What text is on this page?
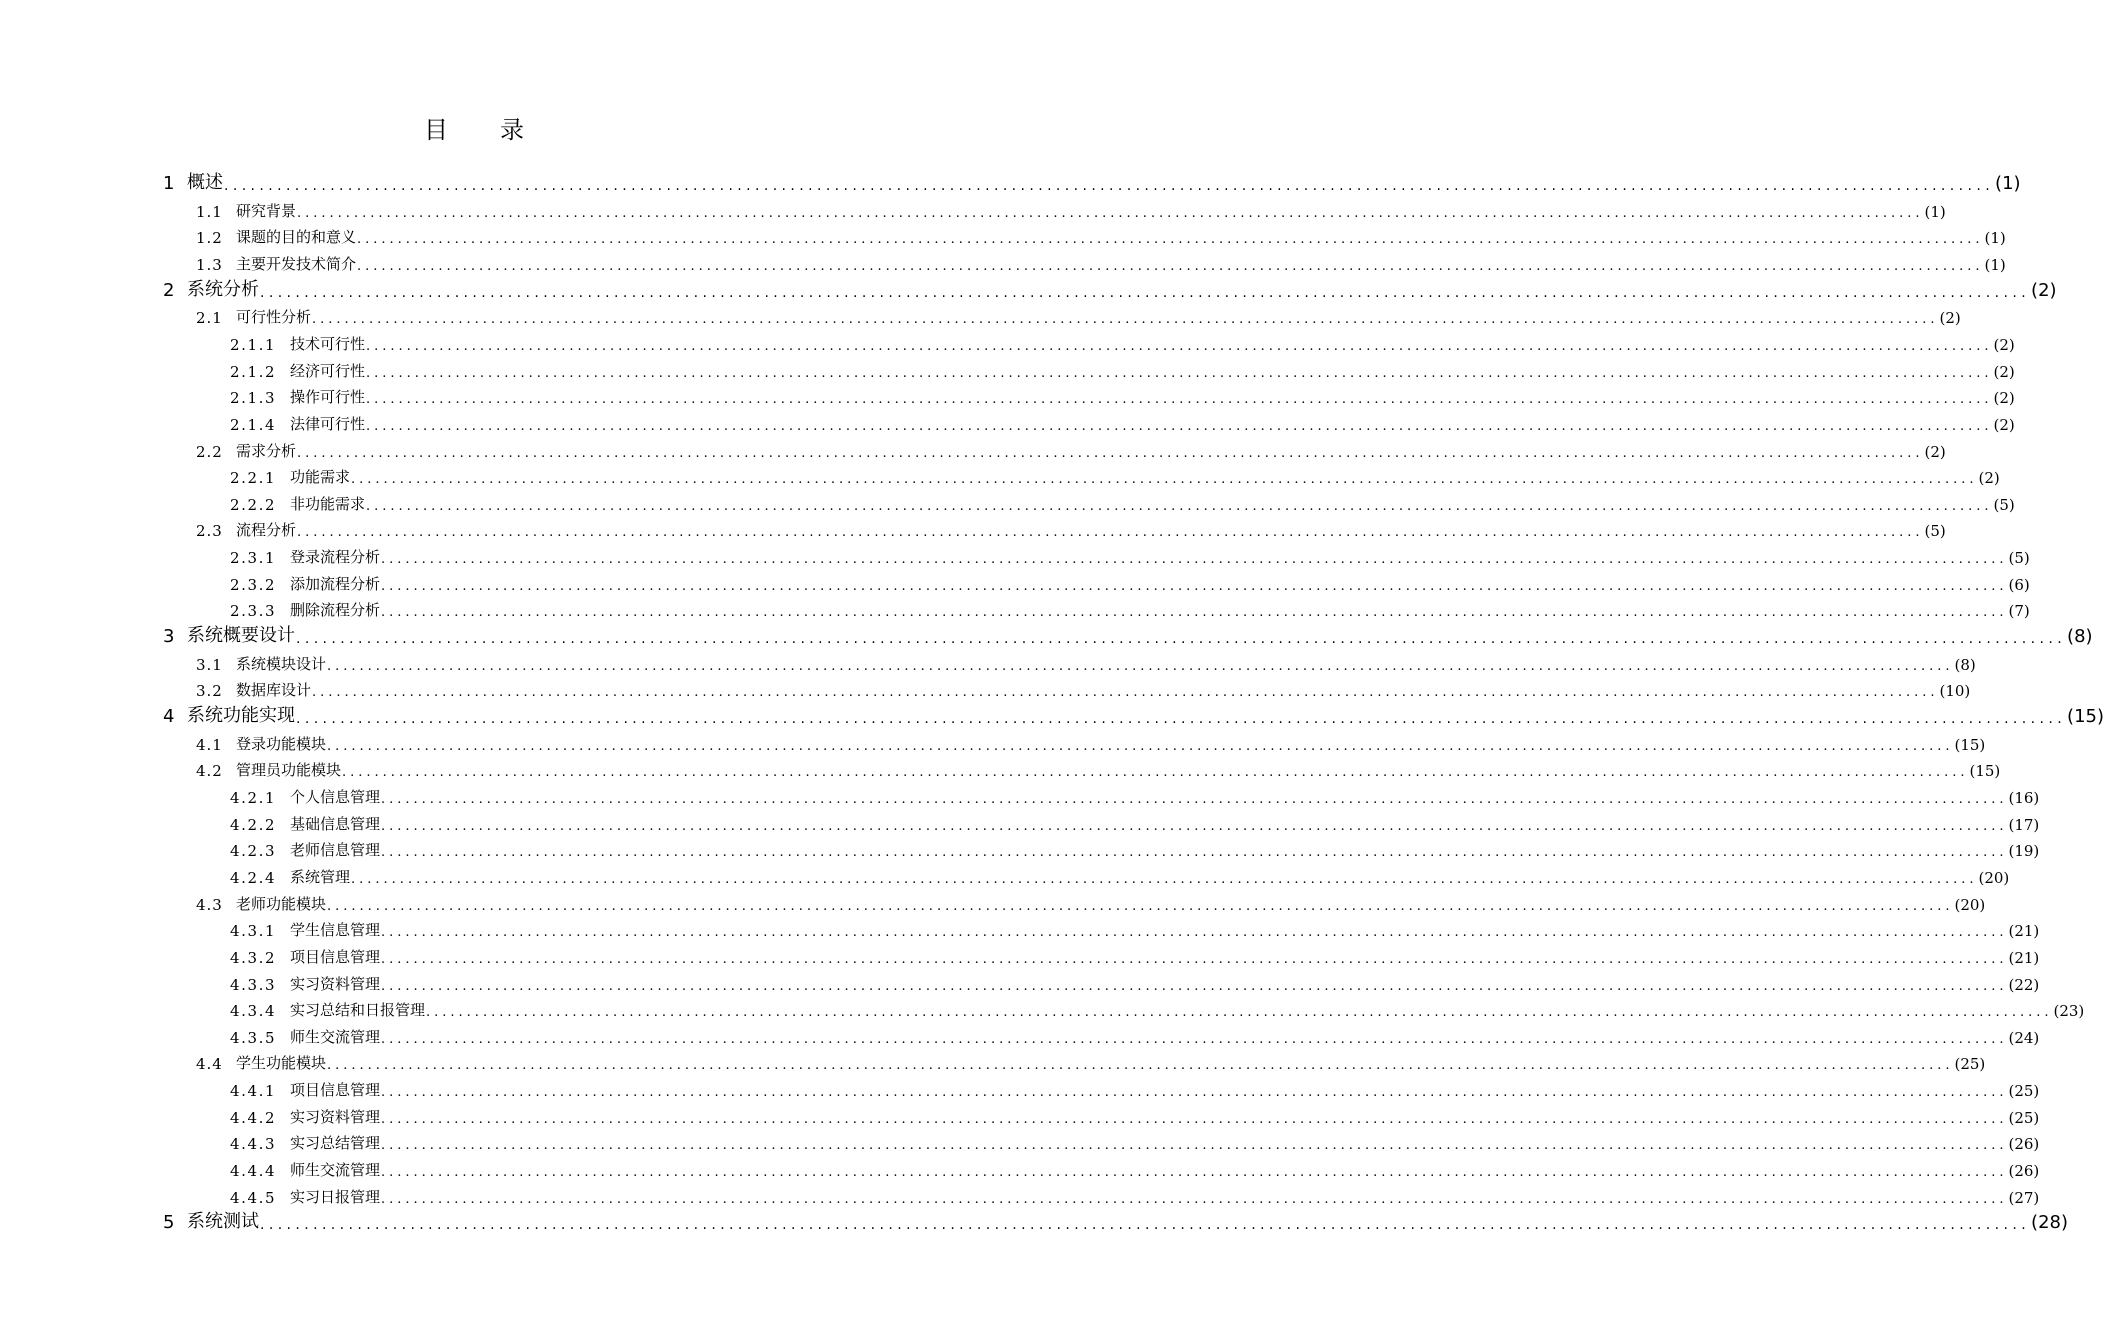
目 录
1 概述 ........................................................................................................................................................................................................ (1)
1.1 研究背景 ........................................................................................................................................................................................................ (1)
1.2 课题的目的和意义 ........................................................................................................................................................................................................ (1)
1.3 主要开发技术简介 ........................................................................................................................................................................................................ (1)
2 系统分析 ........................................................................................................................................................................................................ (2)
2.1 可行性分析 ........................................................................................................................................................................................................ (2)
2.1.1 技术可行性 ........................................................................................................................................................................................................ (2)
2.1.2 经济可行性 ........................................................................................................................................................................................................ (2)
2.1.3 操作可行性 ........................................................................................................................................................................................................ (2)
2.1.4 法律可行性 ........................................................................................................................................................................................................ (2)
2.2 需求分析 ........................................................................................................................................................................................................ (2)
2.2.1 功能需求 ........................................................................................................................................................................................................ (2)
2.2.2 非功能需求 ........................................................................................................................................................................................................ (5)
2.3 流程分析 ........................................................................................................................................................................................................ (5)
2.3.1 登录流程分析 ........................................................................................................................................................................................................ (5)
2.3.2 添加流程分析 ........................................................................................................................................................................................................ (6)
2.3.3 删除流程分析 ........................................................................................................................................................................................................ (7)
3 系统概要设计 ........................................................................................................................................................................................................ (8)
3.1 系统模块设计 ........................................................................................................................................................................................................ (8)
3.2 数据库设计 ........................................................................................................................................................................................................ (10)
4 系统功能实现 ........................................................................................................................................................................................................ (15)
4.1 登录功能模块 ........................................................................................................................................................................................................ (15)
4.2 管理员功能模块 ........................................................................................................................................................................................................ (15)
4.2.1 个人信息管理 ........................................................................................................................................................................................................ (16)
4.2.2 基础信息管理 ........................................................................................................................................................................................................ (17)
4.2.3 老师信息管理 ........................................................................................................................................................................................................ (19)
4.2.4 系统管理 ........................................................................................................................................................................................................ (20)
4.3 老师功能模块 ........................................................................................................................................................................................................ (20)
4.3.1 学生信息管理 ........................................................................................................................................................................................................ (21)
4.3.2 项目信息管理 ........................................................................................................................................................................................................ (21)
4.3.3 实习资料管理 ........................................................................................................................................................................................................ (22)
4.3.4 实习总结和日报管理 ........................................................................................................................................................................................................ (23)
4.3.5 师生交流管理 ........................................................................................................................................................................................................ (24)
4.4 学生功能模块 ........................................................................................................................................................................................................ (25)
4.4.1 项目信息管理 ........................................................................................................................................................................................................ (25)
4.4.2 实习资料管理 ........................................................................................................................................................................................................ (25)
4.4.3 实习总结管理 ........................................................................................................................................................................................................ (26)
4.4.4 师生交流管理 ........................................................................................................................................................................................................ (26)
4.4.5 实习日报管理 ........................................................................................................................................................................................................ (27)
5 系统测试 ........................................................................................................................................................................................................ (28)
